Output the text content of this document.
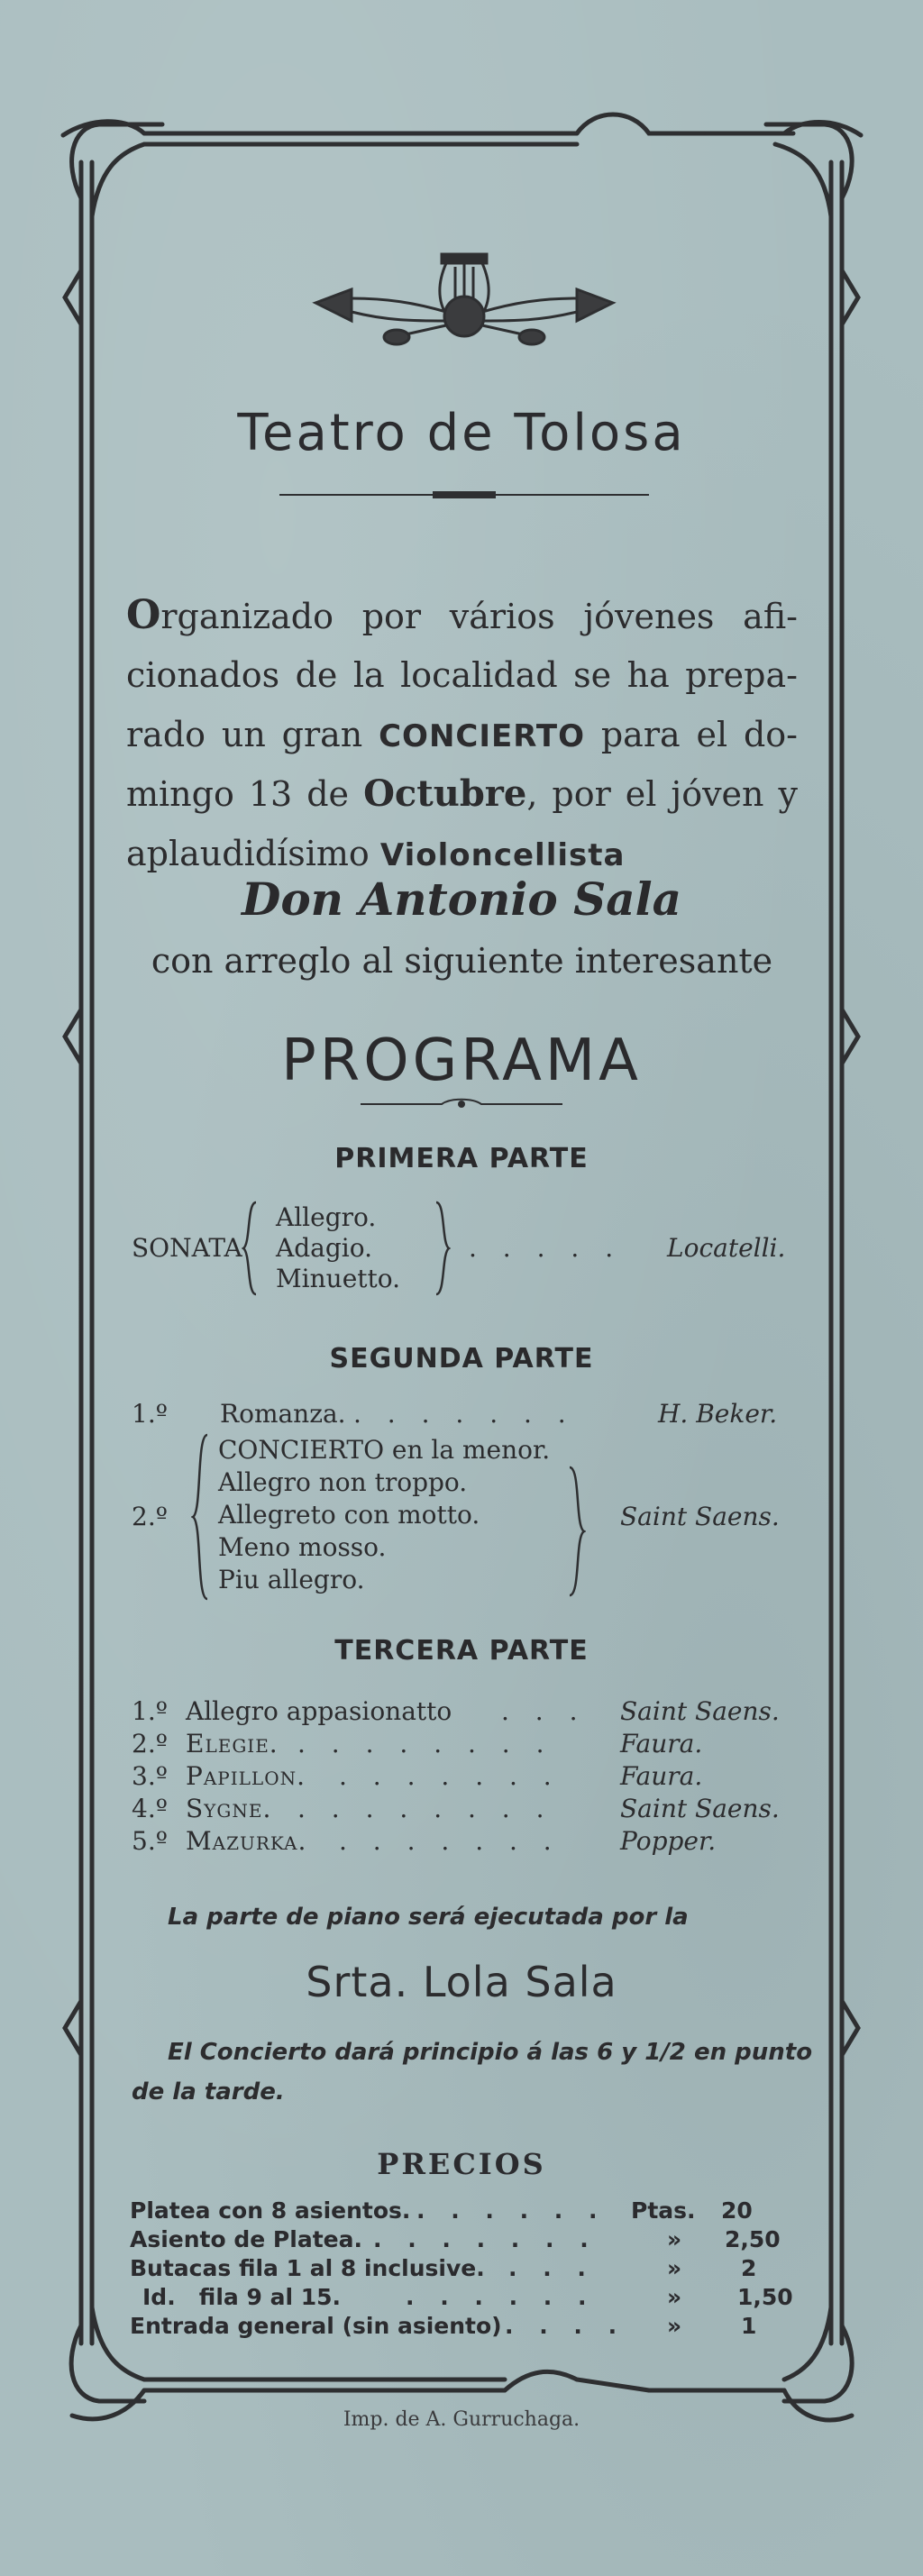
Teatro de Tolosa
Organizado por vários jóvenes afi-
cionados de la localidad se ha prepa-
rado un gran CONCIERTO para el do-
mingo 13 de Octubre, por el jóven y
aplaudidísimo Violoncellista
Don Antonio Sala
con arreglo al siguiente interesante
PROGRAMA
PRIMERA PARTE
SONATA
Allegro.
Adagio.
Minuetto.
. . . . . Locatelli.
SEGUNDA PARTE
1.º Romanza. . . . . . . .	H. Beker.
2.º
CONCIERTO en la menor.
Allegro non troppo.
Allegreto con motto.
Meno mosso.
Piu allegro.
Saint Saens.
TERCERA PARTE
1.º Allegro appasionatto . . . Saint Saens.
2.º Elegie. . . . . . . . .	Faura.
3.º Papillon. . . . . . . . Faura.
4.º Sygne. . . . . . . . .	Saint Saens.
5.º Mazurka. . . . . . . . Popper.
La parte de piano será ejecutada por la
Srta. Lola Sala
El Concierto dará principio á las 6 y 1/2 en punto
de la tarde.
PRECIOS
Platea con 8 asientos. . . . . . . Ptas. 20
Asiento de Platea. . . . . . . .	» 2,50
Butacas fila 1 al 8 inclusive. . . .	»	2
Id.   fila 9 al 15.	. . . . . .	» 1,50
Entrada general (sin asiento) . . . . »	1
Imp. de A. Gurruchaga.
